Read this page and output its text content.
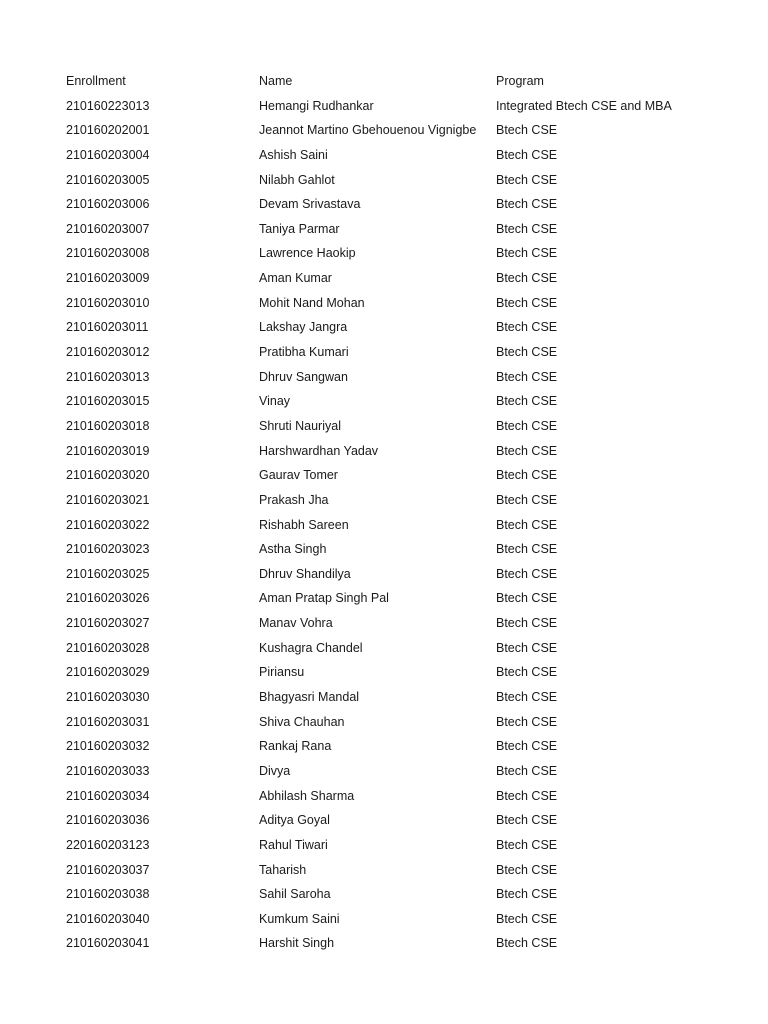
Enrollment	Name	Program
210160223013	Hemangi Rudhankar	Integrated Btech CSE and MBA
210160202001	Jeannot Martino Gbehouenou Vignigbe	Btech CSE
210160203004	Ashish Saini	Btech CSE
210160203005	Nilabh Gahlot	Btech CSE
210160203006	Devam Srivastava	Btech CSE
210160203007	Taniya Parmar	Btech CSE
210160203008	Lawrence Haokip	Btech CSE
210160203009	Aman Kumar	Btech CSE
210160203010	Mohit Nand Mohan	Btech CSE
210160203011	Lakshay Jangra	Btech CSE
210160203012	Pratibha Kumari	Btech CSE
210160203013	Dhruv Sangwan	Btech CSE
210160203015	Vinay	Btech CSE
210160203018	Shruti Nauriyal	Btech CSE
210160203019	Harshwardhan Yadav	Btech CSE
210160203020	Gaurav Tomer	Btech CSE
210160203021	Prakash Jha	Btech CSE
210160203022	Rishabh Sareen	Btech CSE
210160203023	Astha Singh	Btech CSE
210160203025	Dhruv Shandilya	Btech CSE
210160203026	Aman Pratap Singh Pal	Btech CSE
210160203027	Manav Vohra	Btech CSE
210160203028	Kushagra Chandel	Btech CSE
210160203029	Piriansu	Btech CSE
210160203030	Bhagyasri Mandal	Btech CSE
210160203031	Shiva Chauhan	Btech CSE
210160203032	Rankaj Rana	Btech CSE
210160203033	Divya	Btech CSE
210160203034	Abhilash Sharma	Btech CSE
210160203036	Aditya Goyal	Btech CSE
220160203123	Rahul Tiwari	Btech CSE
210160203037	Taharish	Btech CSE
210160203038	Sahil Saroha	Btech CSE
210160203040	Kumkum Saini	Btech CSE
210160203041	Harshit Singh	Btech CSE
